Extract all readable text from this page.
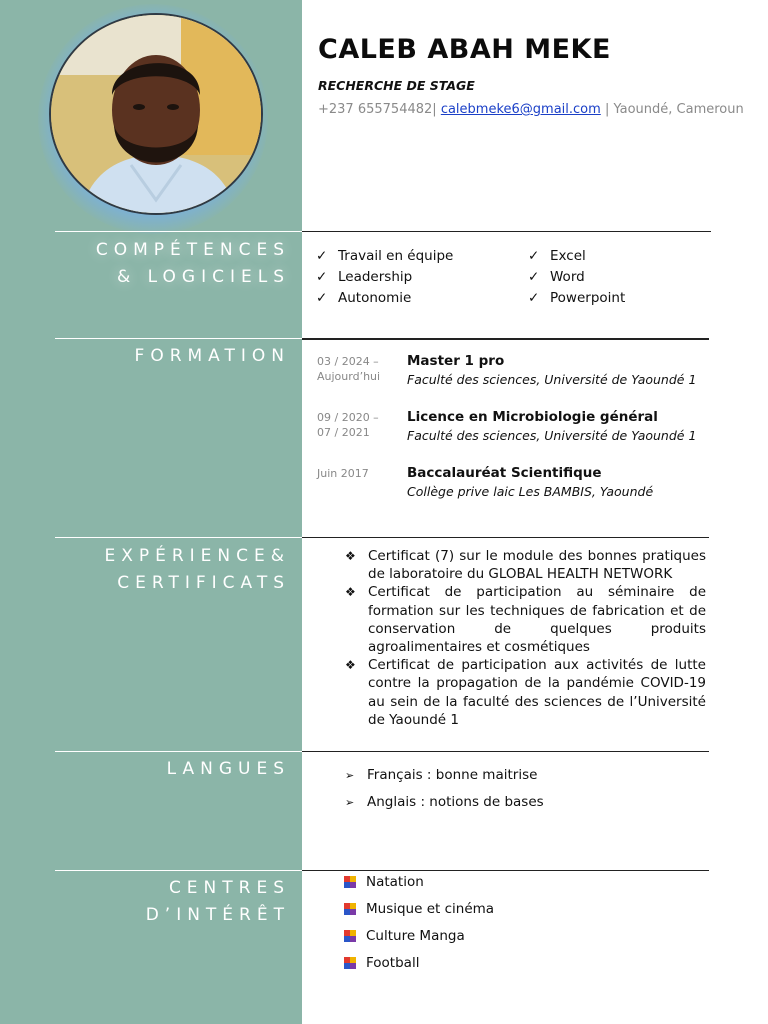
CALEB ABAH MEKE
RECHERCHE DE STAGE
+237 655754482| calebmeke6@gmail.com | Yaoundé, Cameroun
COMPÉTENCES
& LOGICIELS
FORMATION
EXPÉRIENCE&
CERTIFICATS
LANGUES
CENTRES
D’INTÉRÊT
✓ Travail en équipe
✓ Leadership
✓ Autonomie
✓ Excel
✓ Word
✓ Powerpoint
03 / 2024 –
Aujourd’hui
Master 1 pro
Faculté des sciences, Université de Yaoundé 1
09 / 2020 –
07 / 2021
Licence en Microbiologie général
Faculté des sciences, Université de Yaoundé 1
Juin 2017	Baccalauréat Scientifique
Collège prive laic Les BAMBIS, Yaoundé
❖ Certificat (7) sur le module des bonnes pratiques de laboratoire du GLOBAL HEALTH NETWORK
❖ Certificat de participation au séminaire de formation sur les techniques de fabrication et de conservation de quelques produits agroalimentaires et cosmétiques
❖ Certificat de participation aux activités de lutte contre la propagation de la pandémie COVID-19 au sein de la faculté des sciences de l’Université de Yaoundé 1
➢ Français : bonne maitrise
➢ Anglais : notions de bases
Natation
Musique et cinéma
Culture Manga
Football
